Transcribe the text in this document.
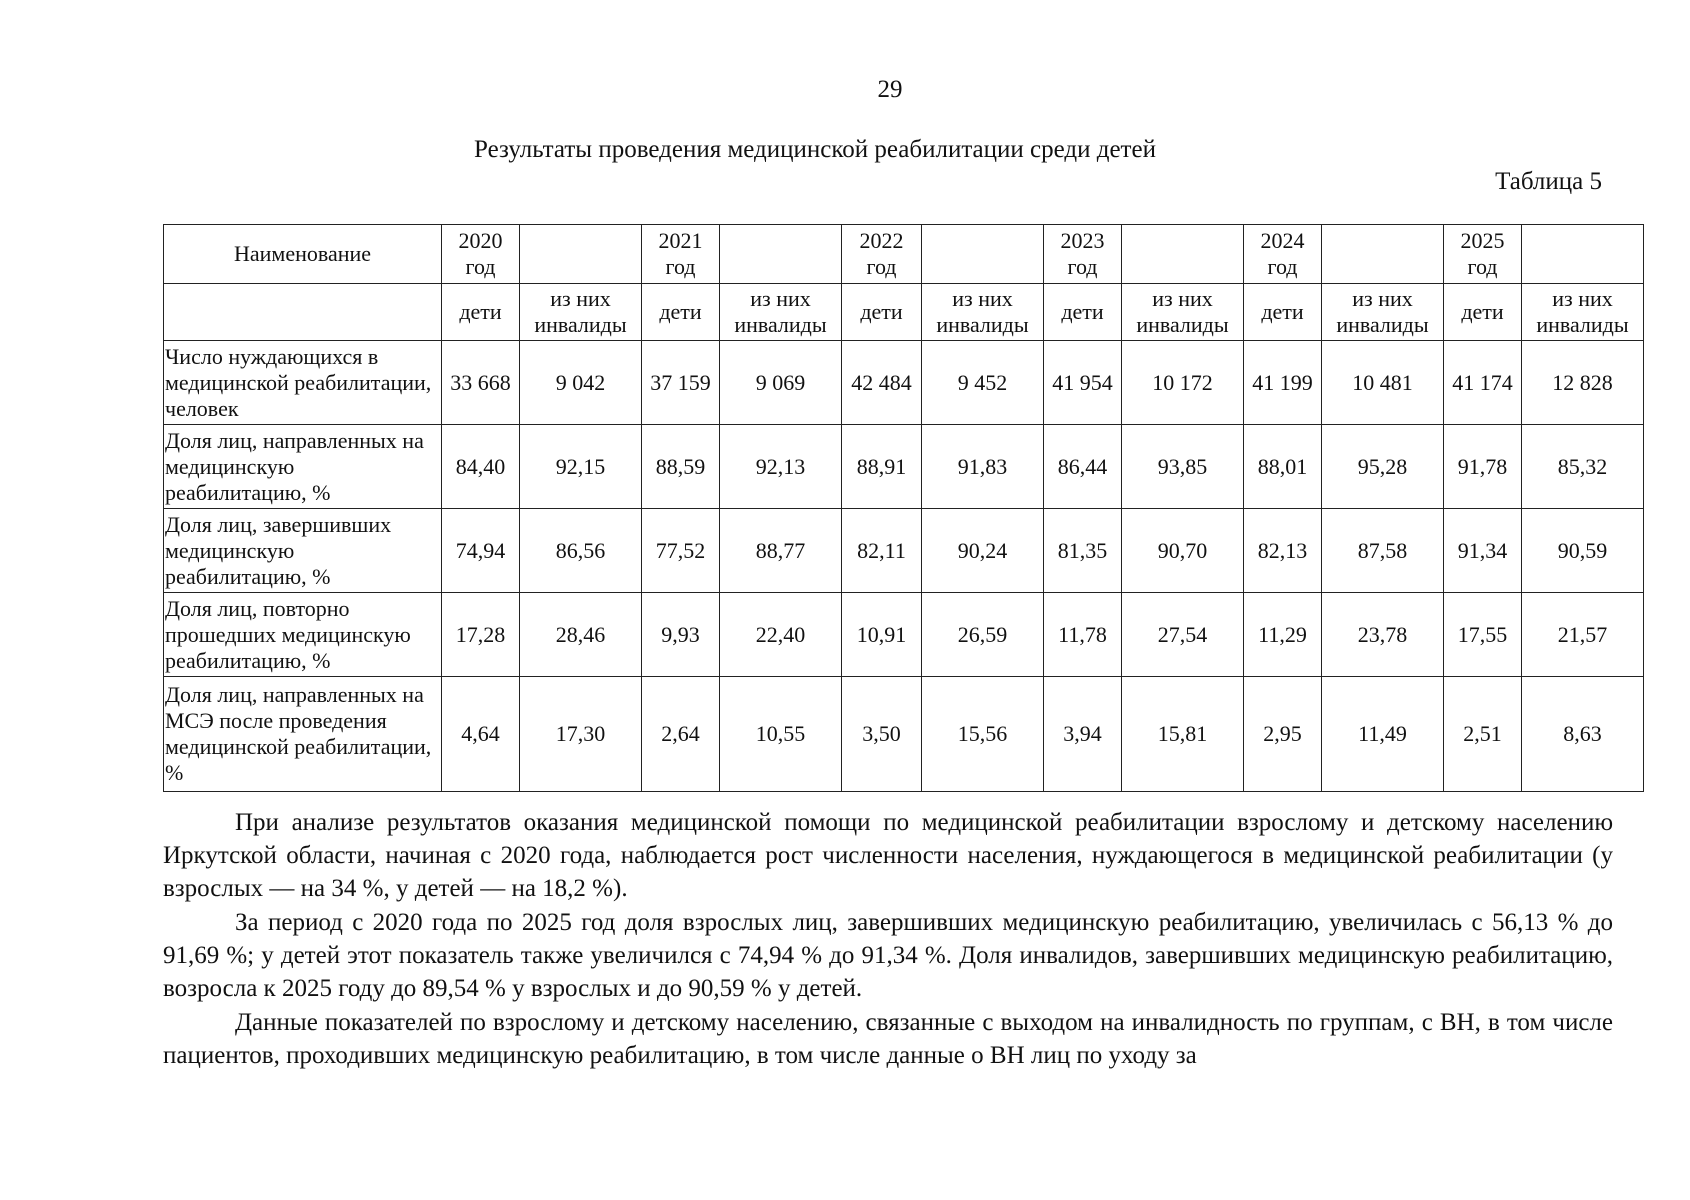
29
Результаты проведения медицинской реабилитации среди детей
Таблица 5
Наименование	2020 год		2021 год		2022 год		2023 год		2024 год		2025 год	
	дети	из них инвалиды	дети	из них инвалиды	дети	из них инвалиды	дети	из них инвалиды	дети	из них инвалиды	дети	из них инвалиды
Число нуждающихся в медицинской реабилитации, человек	33 668	9 042	37 159	9 069	42 484	9 452	41 954	10 172	41 199	10 481	41 174	12 828
Доля лиц, направленных на медицинскую реабилитацию, %	84,40	92,15	88,59	92,13	88,91	91,83	86,44	93,85	88,01	95,28	91,78	85,32
Доля лиц, завершивших медицинскую реабилитацию, %	74,94	86,56	77,52	88,77	82,11	90,24	81,35	90,70	82,13	87,58	91,34	90,59
Доля лиц, повторно прошедших медицинскую реабилитацию, %	17,28	28,46	9,93	22,40	10,91	26,59	11,78	27,54	11,29	23,78	17,55	21,57
Доля лиц, направленных на МСЭ после проведения медицинской реабилитации, %	4,64	17,30	2,64	10,55	3,50	15,56	3,94	15,81	2,95	11,49	2,51	8,63

При анализе результатов оказания медицинской помощи по медицинской реабилитации взрослому и детскому населению Иркутской области, начиная с 2020 года, наблюдается рост численности населения, нуждающегося в медицинской реабилитации (у взрослых — на 34 %, у детей — на 18,2 %).

За период с 2020 года по 2025 год доля взрослых лиц, завершивших медицинскую реабилитацию, увеличилась с 56,13 % до 91,69 %; у детей этот показатель также увеличился с 74,94 % до 91,34 %. Доля инвалидов, завершивших медицинскую реабилитацию, возросла к 2025 году до 89,54 % у взрослых и до 90,59 % у детей.

Данные показателей по взрослому и детскому населению, связанные с выходом на инвалидность по группам, с ВН, в том числе пациентов, проходивших медицинскую реабилитацию, в том числе данные о ВН лиц по уходу за
